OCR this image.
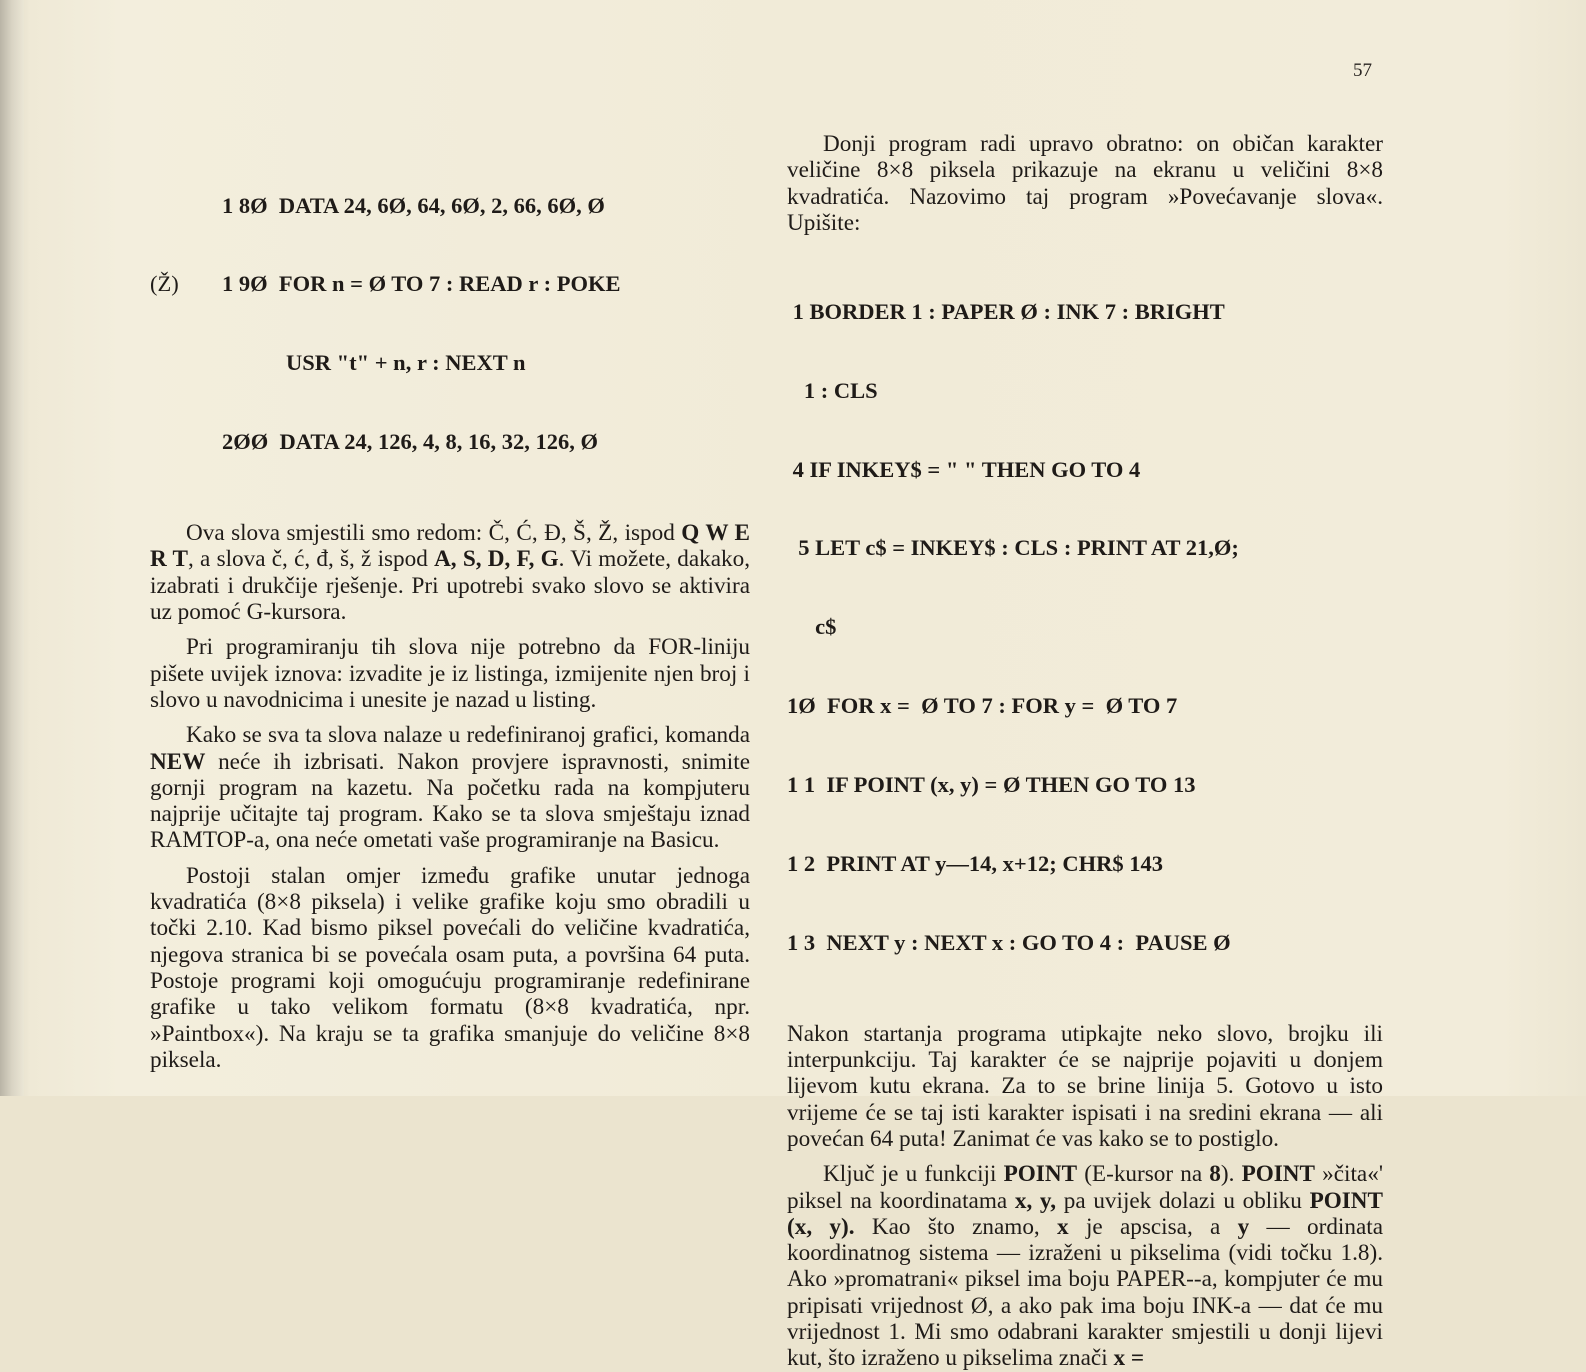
57

1 8Ø  DATA 24, 6Ø, 64, 6Ø, 2, 66, 6Ø, Ø

(Ž) 1 9Ø  FOR n = Ø TO 7 : READ r : POKE

USR "t" + n, r : NEXT n

2ØØ  DATA 24, 126, 4, 8, 16, 32, 126, Ø

Ova slova smjestili smo redom: Č, Ć, Đ, Š, Ž, ispod Q W E R T, a slova č, ć, đ, š, ž ispod A, S, D, F, G. Vi možete, dakako, izabrati i drukčije rješenje. Pri upotrebi svako slovo se aktivira uz pomoć G-kursora.

Pri programiranju tih slova nije potrebno da FOR-liniju pišete uvijek iznova: izvadite je iz listinga, izmijenite njen broj i slovo u navodnicima i unesite je nazad u listing.

Kako se sva ta slova nalaze u redefiniranoj grafici, komanda NEW neće ih izbrisati. Nakon provjere ispravnosti, snimite gornji program na kazetu. Na početku rada na kompjuteru najprije učitajte taj program. Kako se ta slova smještaju iznad RAMTOP-a, ona neće ometati vaše programiranje na Basicu.

Postoji stalan omjer između grafike unutar jednoga kvadratića (8×8 piksela) i velike grafike koju smo obradili u točki 2.10. Kad bismo piksel povećali do veličine kvadratića, njegova stranica bi se povećala osam puta, a površina 64 puta. Postoje programi koji omogućuju programiranje redefinirane grafike u tako velikom formatu (8×8 kvadratića, npr. »Paintbox«). Na kraju se ta grafika smanjuje do veličine 8×8 piksela.

Donji program radi upravo obratno: on običan karakter veličine 8×8 piksela prikazuje na ekranu u veličini 8×8 kvadratića. Nazovimo taj program »Povećavanje slova«. Upišite:

1 BORDER 1 : PAPER Ø : INK 7 : BRIGHT

1 : CLS

4 IF INKEY$ = " " THEN GO TO 4

5 LET c$ = INKEY$ : CLS : PRINT AT 21,Ø;

c$

1Ø  FOR x =  Ø TO 7 : FOR y =  Ø TO 7

1 1  IF POINT (x, y) = Ø THEN GO TO 13

1 2  PRINT AT y—14, x+12; CHR$ 143

1 3  NEXT y : NEXT x : GO TO 4 :  PAUSE Ø

Nakon startanja programa utipkajte neko slovo, brojku ili interpunkciju. Taj karakter će se najprije pojaviti u donjem lijevom kutu ekrana. Za to se brine linija 5. Gotovo u isto vrijeme će se taj isti karakter ispisati i na sredini ekrana — ali povećan 64 puta! Zanimat će vas kako se to postiglo.

Ključ je u funkciji POINT (E-kursor na 8). POINT »čita«' piksel na koordinatama x, y, pa uvijek dolazi u obliku POINT (x, y). Kao što znamo, x je apscisa, a y — ordinata koordinatnog sistema — izraženi u pikselima (vidi točku 1.8). Ako »promatrani« piksel ima boju PAPER--a, kompjuter će mu pripisati vrijednost Ø, a ako pak ima boju INK-a — dat će mu vrijednost 1. Mi smo odabrani karakter smjestili u donji lijevi kut, što izraženo u pikselima znači x =
